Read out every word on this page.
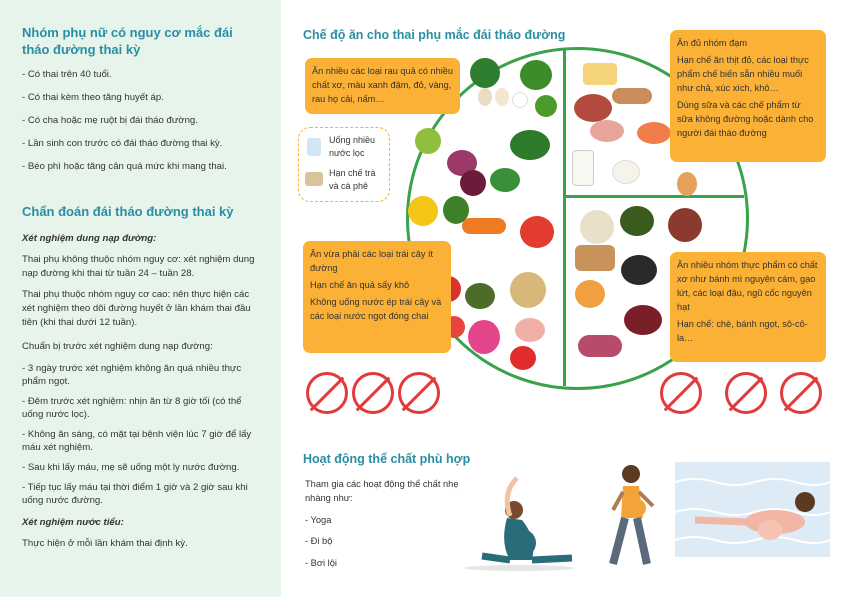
Nhóm phụ nữ có nguy cơ mắc đái tháo đường thai kỳ
- Có thai trên 40 tuổi.
- Có thai kèm theo tăng huyết áp.
- Có cha hoặc mẹ ruột bị đái tháo đường.
- Lần sinh con trước có đái tháo đường thai kỳ.
- Béo phì hoặc tăng cân quá mức khi mang thai.
Chẩn đoán đái tháo đường thai kỳ

Xét nghiệm dung nạp đường:

Thai phụ không thuộc nhóm nguy cơ: xét nghiệm dung nạp đường khi thai từ tuần 24 – tuần 28.

Thai phụ thuộc nhóm nguy cơ cao: nên thực hiện các xét nghiệm theo dõi đường huyết ở lần khám thai đầu tiên (khi thai dưới 12 tuần).

Chuẩn bị trước xét nghiệm dung nạp đường:

- 3 ngày trước xét nghiệm không ăn quá nhiều thực phẩm ngọt.
- Đêm trước xét nghiệm: nhịn ăn từ 8 giờ tối (có thể uống nước lọc).
- Không ăn sáng, có mặt tại bệnh viện lúc 7 giờ để lấy máu xét nghiệm.
- Sau khi lấy máu, mẹ sẽ uống một ly nước đường.
- Tiếp tục lấy máu tại thời điểm 1 giờ và 2 giờ sau khi uống nước đường.

Xét nghiệm nước tiểu:

Thực hiện ở mỗi lần khám thai định kỳ.

Chế độ ăn cho thai phụ mắc đái tháo đường

Ăn nhiều các loại rau quả có nhiều chất xơ, màu xanh đậm, đỏ, vàng, rau họ cải, nấm…

Uống nhiều nước lọc
Hạn chế trà và cà phê

Ăn vừa phải các loại trái cây ít đường

Hạn chế ăn quả sấy khô

Không uống nước ép trái cây và các loại nước ngọt đóng chai

Ăn đủ nhóm đạm

Hạn chế ăn thịt đỏ, các loại thực phẩm chế biến sẵn nhiều muối như chả, xúc xích, khô…

Dùng sữa và các chế phẩm từ sữa không đường hoặc dành cho người đái tháo đường

Ăn nhiều nhóm thực phẩm có chất xơ như bánh mì nguyên cám, gạo lứt, các loại đậu, ngũ cốc nguyên hạt

Hạn chế: chè, bánh ngọt, sô-cô-la…

Hoạt động thể chất phù hợp
Tham gia các hoạt động thể chất nhẹ nhàng như:
- Yoga
- Đi bộ
- Bơi lội
